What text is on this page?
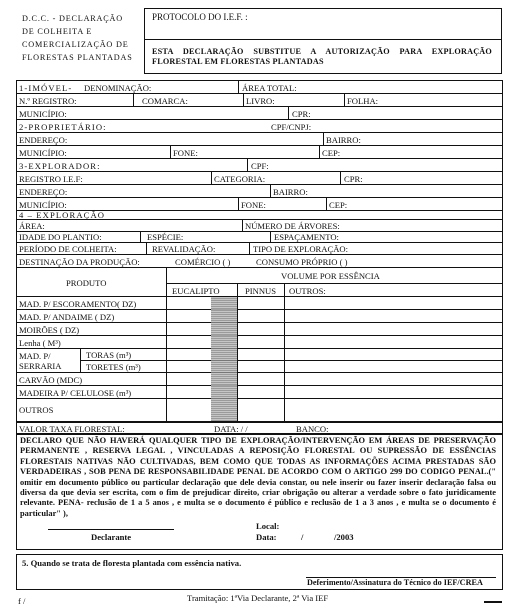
D.C.C. - DECLARAÇÃO
DE COLHEITA E
COMERCIALIZAÇÃO DE
FLORESTAS PLANTADAS
PROTOCOLO DO I.E.F. :
ESTA DECLARAÇÃO SUBSTITUE A AUTORIZAÇÃO PARA EXPLORAÇÃO FLORESTAL EM FLORESTAS PLANTADAS
1-IMÓVEL- DENOMINAÇÃO:	ÁREA TOTAL:
N.º REGISTRO:	COMARCA:	LIVRO:	FOLHA:
MUNICÍPIO:	CPR:
2-PROPRIETÁRIO:	CPF/CNPJ:
ENDEREÇO:	BAIRRO:
MUNICÍPIO:	FONE:	CEP:
3-EXPLORADOR:	CPF:
REGISTRO I.E.F:	CATEGORIA:	CPR:
ENDEREÇO:	BAIRRO:
MUNICÍPIO:	FONE:	CEP:
4 – EXPLORAÇÃO
ÁREA:	NÚMERO DE ÁRVORES:
IDADE DO PLANTIO:	ESPÉCIE:	ESPAÇAMENTO:
PERÍODO DE COLHEITA:	REVALIDAÇÃO:	TIPO DE EXPLORAÇÃO:
DESTINAÇÃO DA PRODUÇÃO:	COMÉRCIO ( )	CONSUMO PRÓPRIO ( )
PRODUTO
VOLUME POR ESSÊNCIA
EUCALIPTO	PINNUS OUTROS:
MAD. P/ ESCORAMENTO( DZ)
MAD. P/ ANDAIME ( DZ)
MOIRÕES ( DZ)
Lenha ( M³)
MAD. P/
SERRARIA
TORAS (m³)
TORETES (m³)
CARVÃO (MDC)
MADEIRA P/ CELULOSE (m³)
OUTROS
VALOR TAXA FLORESTAL:	DATA: / /	BANCO:
DECLARO QUE NÃO HAVERÁ QUALQUER TIPO DE EXPLORAÇÃO/INTERVENÇÃO EM ÁREAS DE PRESERVAÇÃO PERMANENTE , RESERVA LEGAL , VINCULADAS A REPOSIÇÃO FLORESTAL OU SUPRESSÃO DE ESSÊNCIAS FLORESTAIS NATIVAS NÃO CULTIVADAS, BEM COMO QUE TODAS AS INFORMAÇÕES ACIMA PRESTADAS SÃO VERDADEIRAS , SOB PENA DE RESPONSABILIDADE PENAL DE ACORDO COM O ARTIGO 299 DO CODIGO PENAL.(" omitir em documento público ou particular declaração que dele devia constar, ou nele inserir ou fazer inserir declaração falsa ou diversa da que devia ser escrita, com o fim de prejudicar direito, criar obrigação ou alterar a verdade sobre o fato juridicamente relevante. PENA- reclusão de 1 a 5 anos , e multa se o documento é público e reclusão de 1 a 3 anos , e multa se o documento é particular" ),
Local:
Declarante	Data:	/	/2003
5. Quando se trata de floresta plantada com essência nativa.
Deferimento/Assinatura do Técnico do IEF/CREA
f /	Tramitação: 1ªVia Declarante, 2ª Via IEF
